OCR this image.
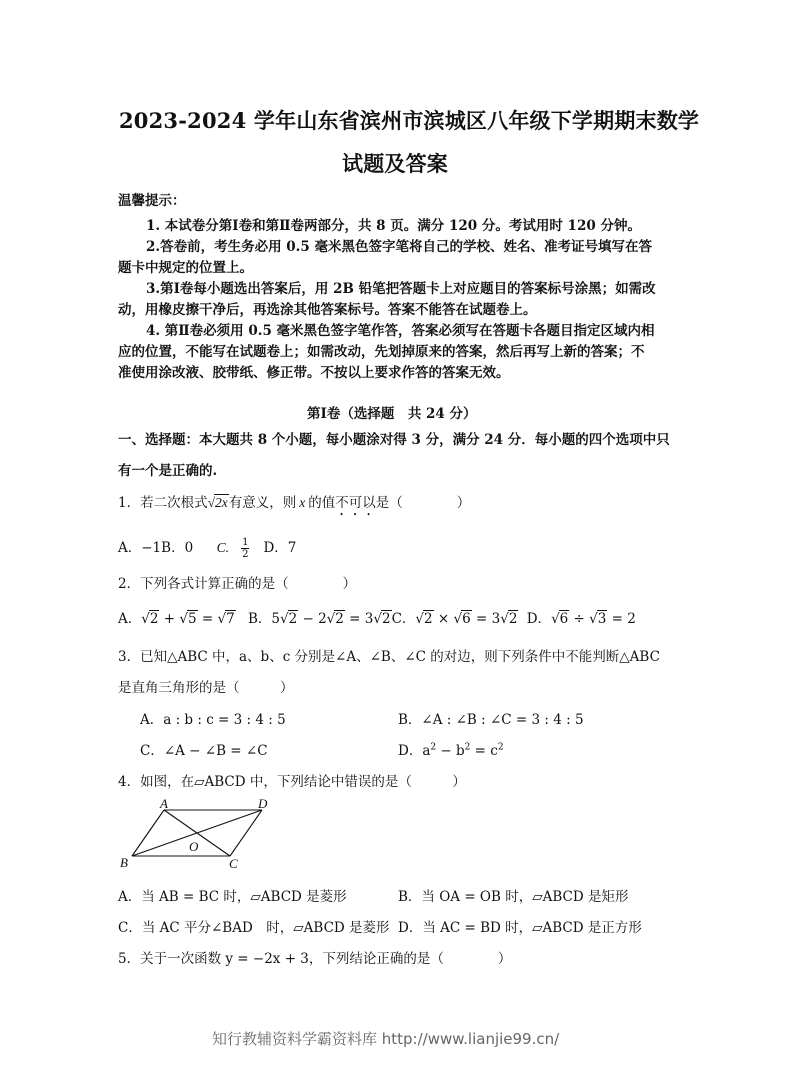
2023-2024 学年山东省滨州市滨城区八年级下学期期末数学
试题及答案
温馨提示：
1. 本试卷分第Ⅰ卷和第Ⅱ卷两部分，共 8 页。满分 120 分。考试用时 120 分钟。
2.答卷前，考生务必用 0.5 毫米黑色签字笔将自己的学校、姓名、准考证号填写在答
题卡中规定的位置上。
3.第Ⅰ卷每小题选出答案后，用 2B 铅笔把答题卡上对应题目的答案标号涂黑；如需改
动，用橡皮擦干净后，再选涂其他答案标号。答案不能答在试题卷上。
4. 第Ⅱ卷必须用 0.5 毫米黑色签字笔作答，答案必须写在答题卡各题目指定区域内相
应的位置，不能写在试题卷上；如需改动，先划掉原来的答案，然后再写上新的答案；不
准使用涂改液、胶带纸、修正带。不按以上要求作答的答案无效。
第Ⅰ卷（选择题　共 24 分）
一、选择题：本大题共 8 个小题，每小题涂对得 3 分，满分 24 分．每小题的四个选项中只
有一个是正确的.
1．若二次根式√2x有意义，则 x 的值不可以是（　　　　）
A．−1B．0　C. $\frac{1}{2}$ D．7
2．下列各式计算正确的是（　　　　）
A．√2 + √5 = √7 B．5√2 − 2√2 = 3√2C．√2 × √6 = 3√2 D．√6 ÷ √3 = 2
3．已知△ABC 中，a、b、c 分别是∠A、∠B、∠C 的对边，则下列条件中不能判断△ABC
是直角三角形的是（　　　）
A．a : b : c = 3 : 4 : 5	B．∠A : ∠B : ∠C = 3 : 4 : 5
C．∠A − ∠B = ∠C	D．$a^2 - b^2 = c^2$
4．如图，在▱ABCD 中，下列结论中错误的是（　　　）
A	D
B	C
O
A．当 AB = BC 时，▱ABCD 是菱形	B．当 OA = OB 时，▱ABCD 是矩形
C．当 AC 平分∠BAD　时，▱ABCD 是菱形 D．当 AC = BD 时，▱ABCD 是正方形
5．关于一次函数 y = −2x + 3，下列结论正确的是（　　　　）
知行教辅资料学霸资料库 http://www.lianjie99.cn/
